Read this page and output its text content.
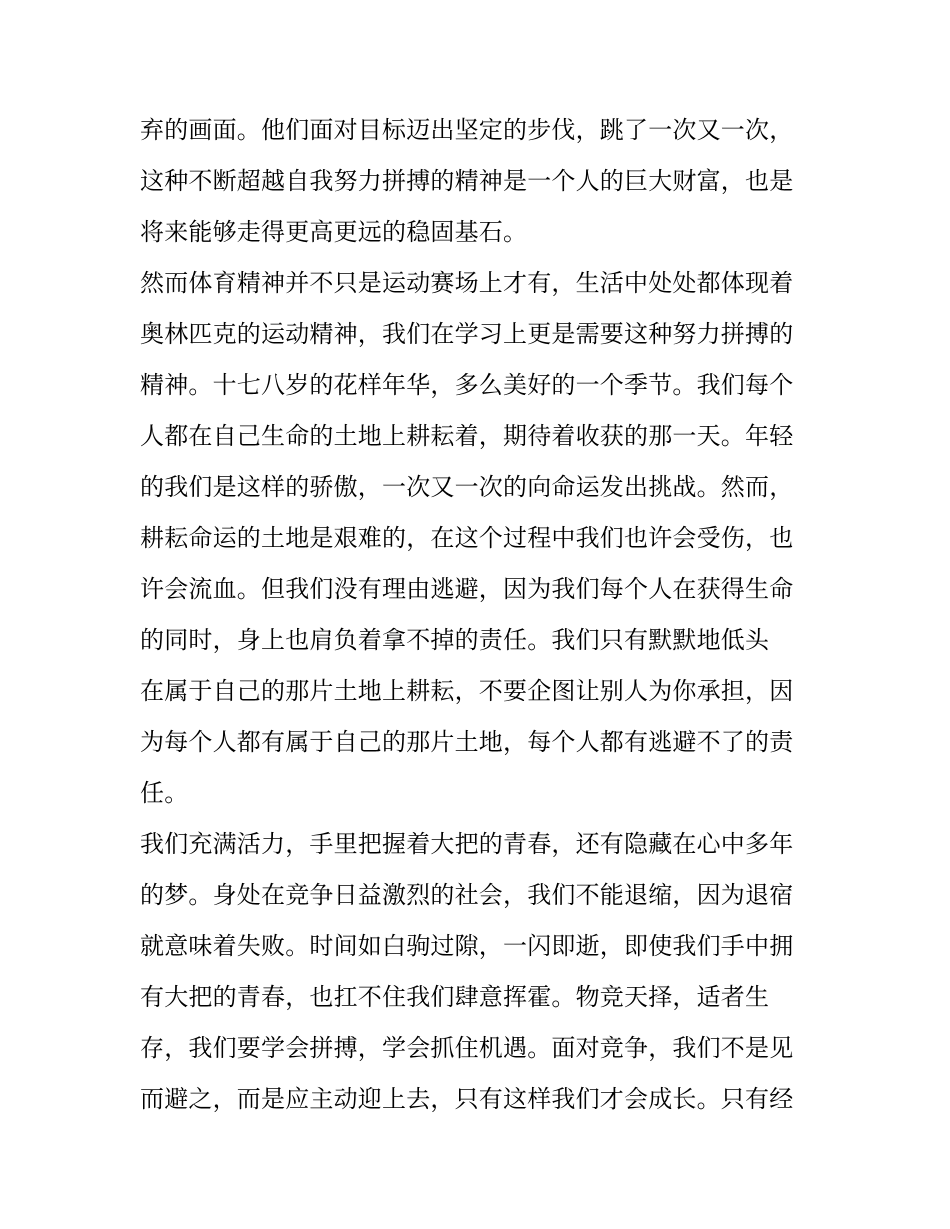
弃的画面。他们面对目标迈出坚定的步伐，跳了一次又一次，
这种不断超越自我努力拼搏的精神是一个人的巨大财富，也是
将来能够走得更高更远的稳固基石。
然而体育精神并不只是运动赛场上才有，生活中处处都体现着
奥林匹克的运动精神，我们在学习上更是需要这种努力拼搏的
精神。十七八岁的花样年华，多么美好的一个季节。我们每个
人都在自己生命的土地上耕耘着，期待着收获的那一天。年轻
的我们是这样的骄傲，一次又一次的向命运发出挑战。然而，
耕耘命运的土地是艰难的，在这个过程中我们也许会受伤，也
许会流血。但我们没有理由逃避，因为我们每个人在获得生命
的同时，身上也肩负着拿不掉的责任。我们只有默默地低头
在属于自己的那片土地上耕耘，不要企图让别人为你承担，因
为每个人都有属于自己的那片土地，每个人都有逃避不了的责
任。
我们充满活力，手里把握着大把的青春，还有隐藏在心中多年
的梦。身处在竞争日益激烈的社会，我们不能退缩，因为退宿
就意味着失败。时间如白驹过隙，一闪即逝，即使我们手中拥
有大把的青春，也扛不住我们肆意挥霍。物竞天择，适者生
存，我们要学会拼搏，学会抓住机遇。面对竞争，我们不是见
而避之，而是应主动迎上去，只有这样我们才会成长。只有经
